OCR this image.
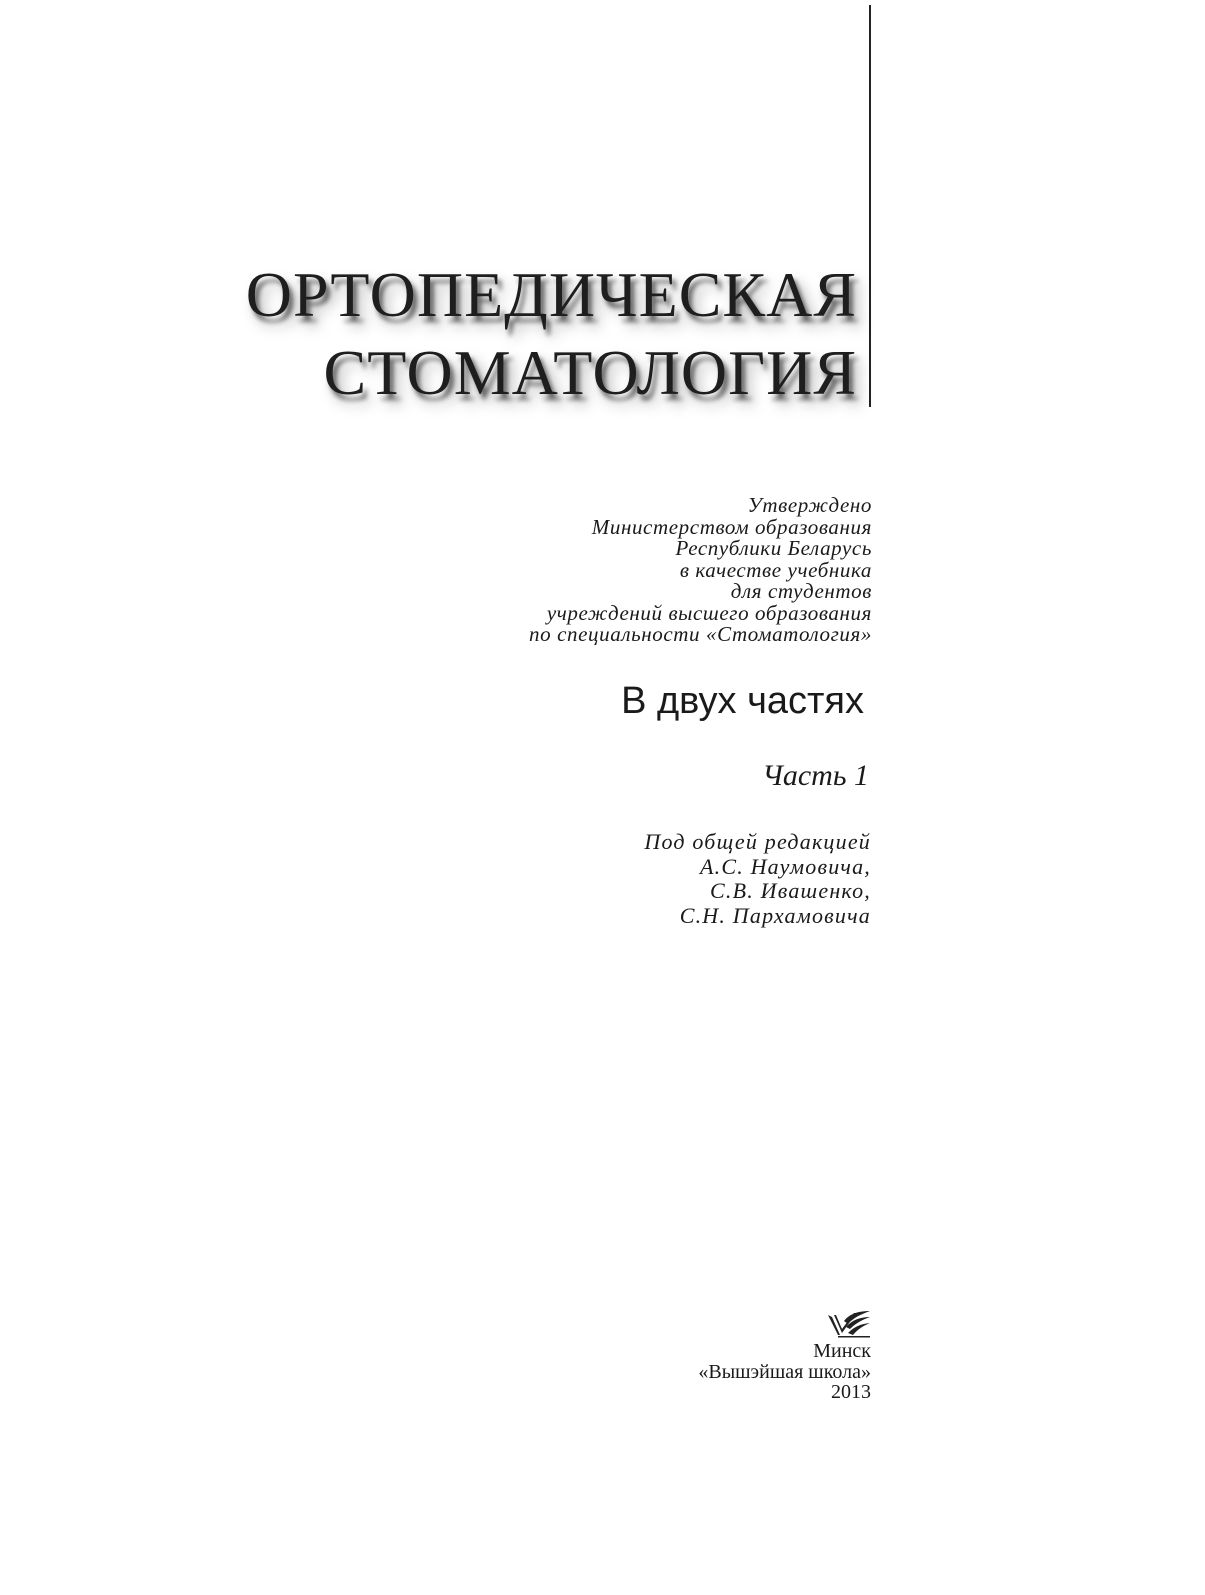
ОРТОПЕДИЧЕСКАЯ
СТОМАТОЛОГИЯ
Утверждено
Министерством образования
Республики Беларусь
в качестве учебника
для студентов
учреждений высшего образования
по специальности «Стоматология»
В двух частях
Часть 1
Под общей редакцией
А.С. Наумовича,
С.В. Ивашенко,
С.Н. Пархамовича
Минск
«Вышэйшая школа»
2013
